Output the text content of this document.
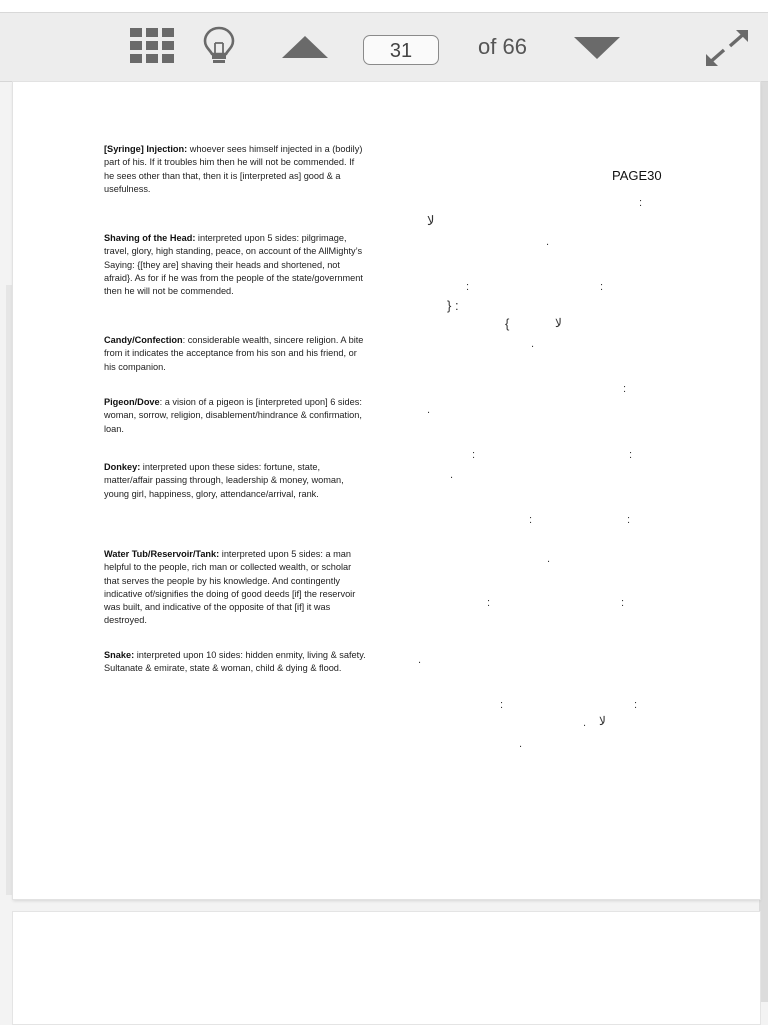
31	of 66
PAGE30
[Syringe] Injection: whoever sees himself injected in a (bodily) part of his. If it troubles him then he will not be commended. If he sees other than that, then it is [interpreted as] good & a usefulness.
Shaving of the Head: interpreted upon 5 sides: pilgrimage, travel, glory, high standing, peace, on account of the AllMighty’s Saying: {[they are] shaving their heads and shortened, not afraid}. As for if he was from the people of the state/government then he will not be commended.
Candy/Confection: considerable wealth, sincere religion. A bite from it indicates the acceptance from his son and his friend, or his companion.
Pigeon/Dove: a vision of a pigeon is [interpreted upon] 6 sides: woman, sorrow, religion, disablement/hindrance & confirmation, loan.
Donkey: interpreted upon these sides: fortune, state, matter/affair passing through, leadership & money, woman, young girl, happiness, glory, attendance/arrival, rank.
Water Tub/Reservoir/Tank: interpreted upon 5 sides: a man helpful to the people, rich man or collected wealth, or scholar that serves the people by his knowledge. And contingently indicative of/signifies the doing of good deeds [if] the reservoir was built, and indicative of the opposite of that [if] it was destroyed.
Snake: interpreted upon 10 sides: hidden enmity, living & safety. Sultanate & emirate, state & woman, child & dying & flood.
:
ﻻ
.
:	:
} :
{	ﻻ
.
:
.
:	:
.
:	:
.
:	:
.
:	:
. ﻻ
.
